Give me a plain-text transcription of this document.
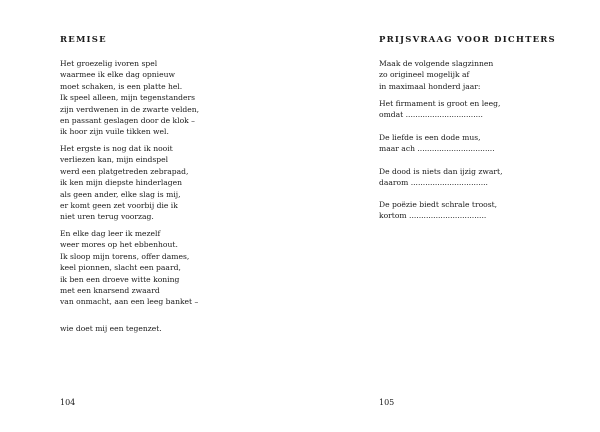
REMISE
Het groezelig ivoren spel
waarmee ik elke dag opnieuw
moet schaken, is een platte hel.
Ik speel alleen, mijn tegenstanders
zijn verdwenen in de zwarte velden,
en passant geslagen door de klok –
ik hoor zijn vuile tikken wel.
Het ergste is nog dat ik nooit
verliezen kan, mijn eindspel
werd een platgetreden zebrapad,
ik ken mijn diepste hinderlagen
als geen ander, elke slag is mij,
er komt geen zet voorbij die ik
niet uren terug voorzag.
En elke dag leer ik mezelf
weer mores op het ebbenhout.
Ik sloop mijn torens, offer dames,
keel pionnen, slacht een paard,
ik ben een droeve witte koning
met een knarsend zwaard
van onmacht, aan een leeg banket –
wie doet mij een tegenzet.
104
PRIJSVRAAG VOOR DICHTERS
Maak de volgende slagzinnen
zo origineel mogelijk af
in maximaal honderd jaar:
Het firmament is groot en leeg,
omdat ................................
De liefde is een dode mus,
maar ach ................................
De dood is niets dan ijzig zwart,
daarom ................................
De poëzie biedt schrale troost,
kortom ................................
105
